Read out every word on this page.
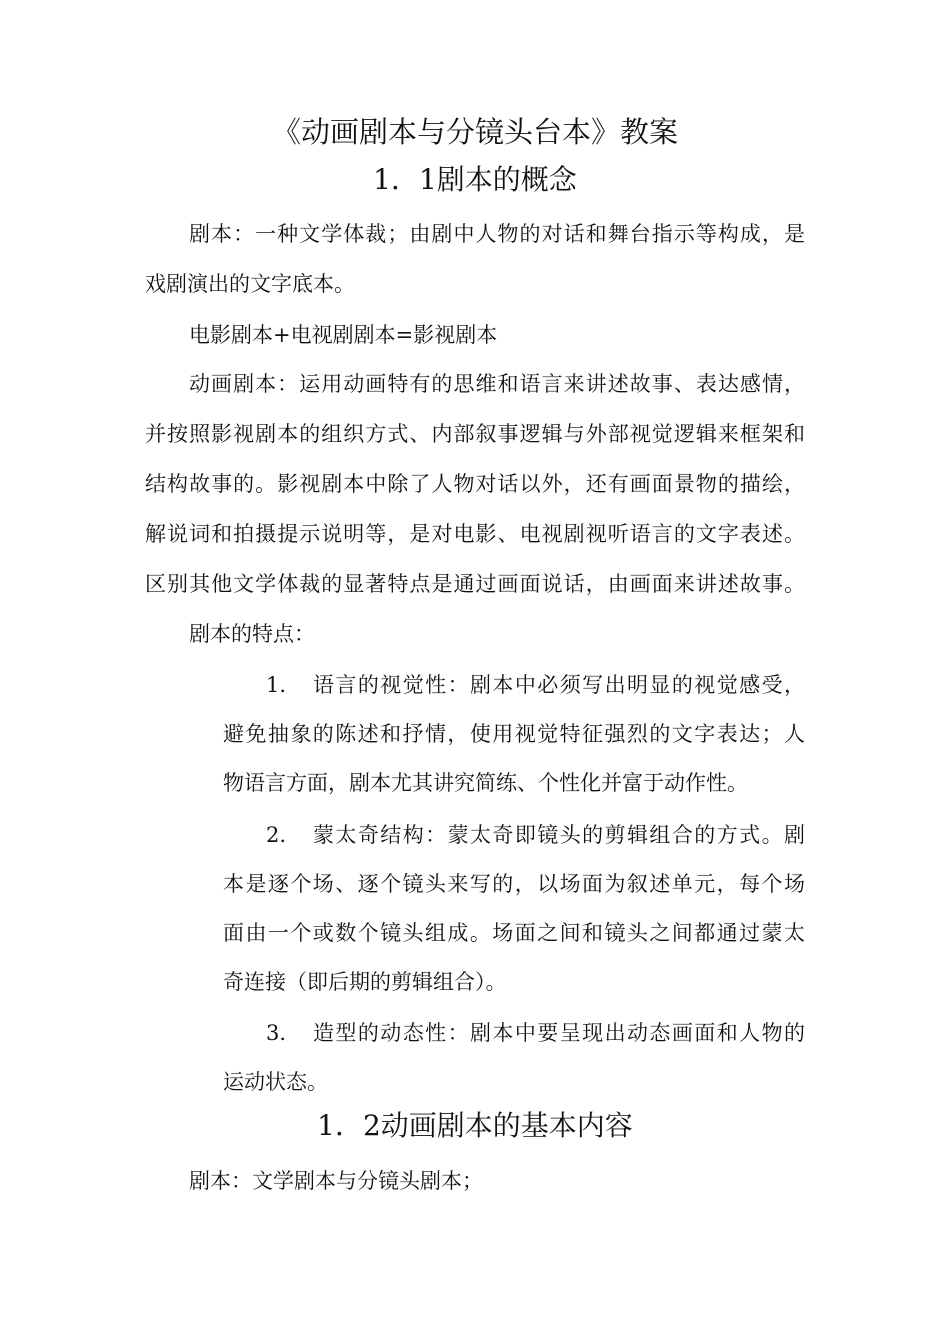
《动画剧本与分镜头台本》教案
1．1剧本的概念
剧本：一种文学体裁；由剧中人物的对话和舞台指示等构成，是
戏剧演出的文字底本。
电影剧本+电视剧剧本=影视剧本
动画剧本：运用动画特有的思维和语言来讲述故事、表达感情，
并按照影视剧本的组织方式、内部叙事逻辑与外部视觉逻辑来框架和
结构故事的。影视剧本中除了人物对话以外，还有画面景物的描绘，
解说词和拍摄提示说明等，是对电影、电视剧视听语言的文字表述。
区别其他文学体裁的显著特点是通过画面说话，由画面来讲述故事。
剧本的特点：
1. 语言的视觉性：剧本中必须写出明显的视觉感受，
避免抽象的陈述和抒情，使用视觉特征强烈的文字表达；人
物语言方面，剧本尤其讲究简练、个性化并富于动作性。
2. 蒙太奇结构：蒙太奇即镜头的剪辑组合的方式。剧
本是逐个场、逐个镜头来写的，以场面为叙述单元，每个场
面由一个或数个镜头组成。场面之间和镜头之间都通过蒙太
奇连接（即后期的剪辑组合）。
3. 造型的动态性：剧本中要呈现出动态画面和人物的
运动状态。
1．2动画剧本的基本内容
剧本：文学剧本与分镜头剧本；
